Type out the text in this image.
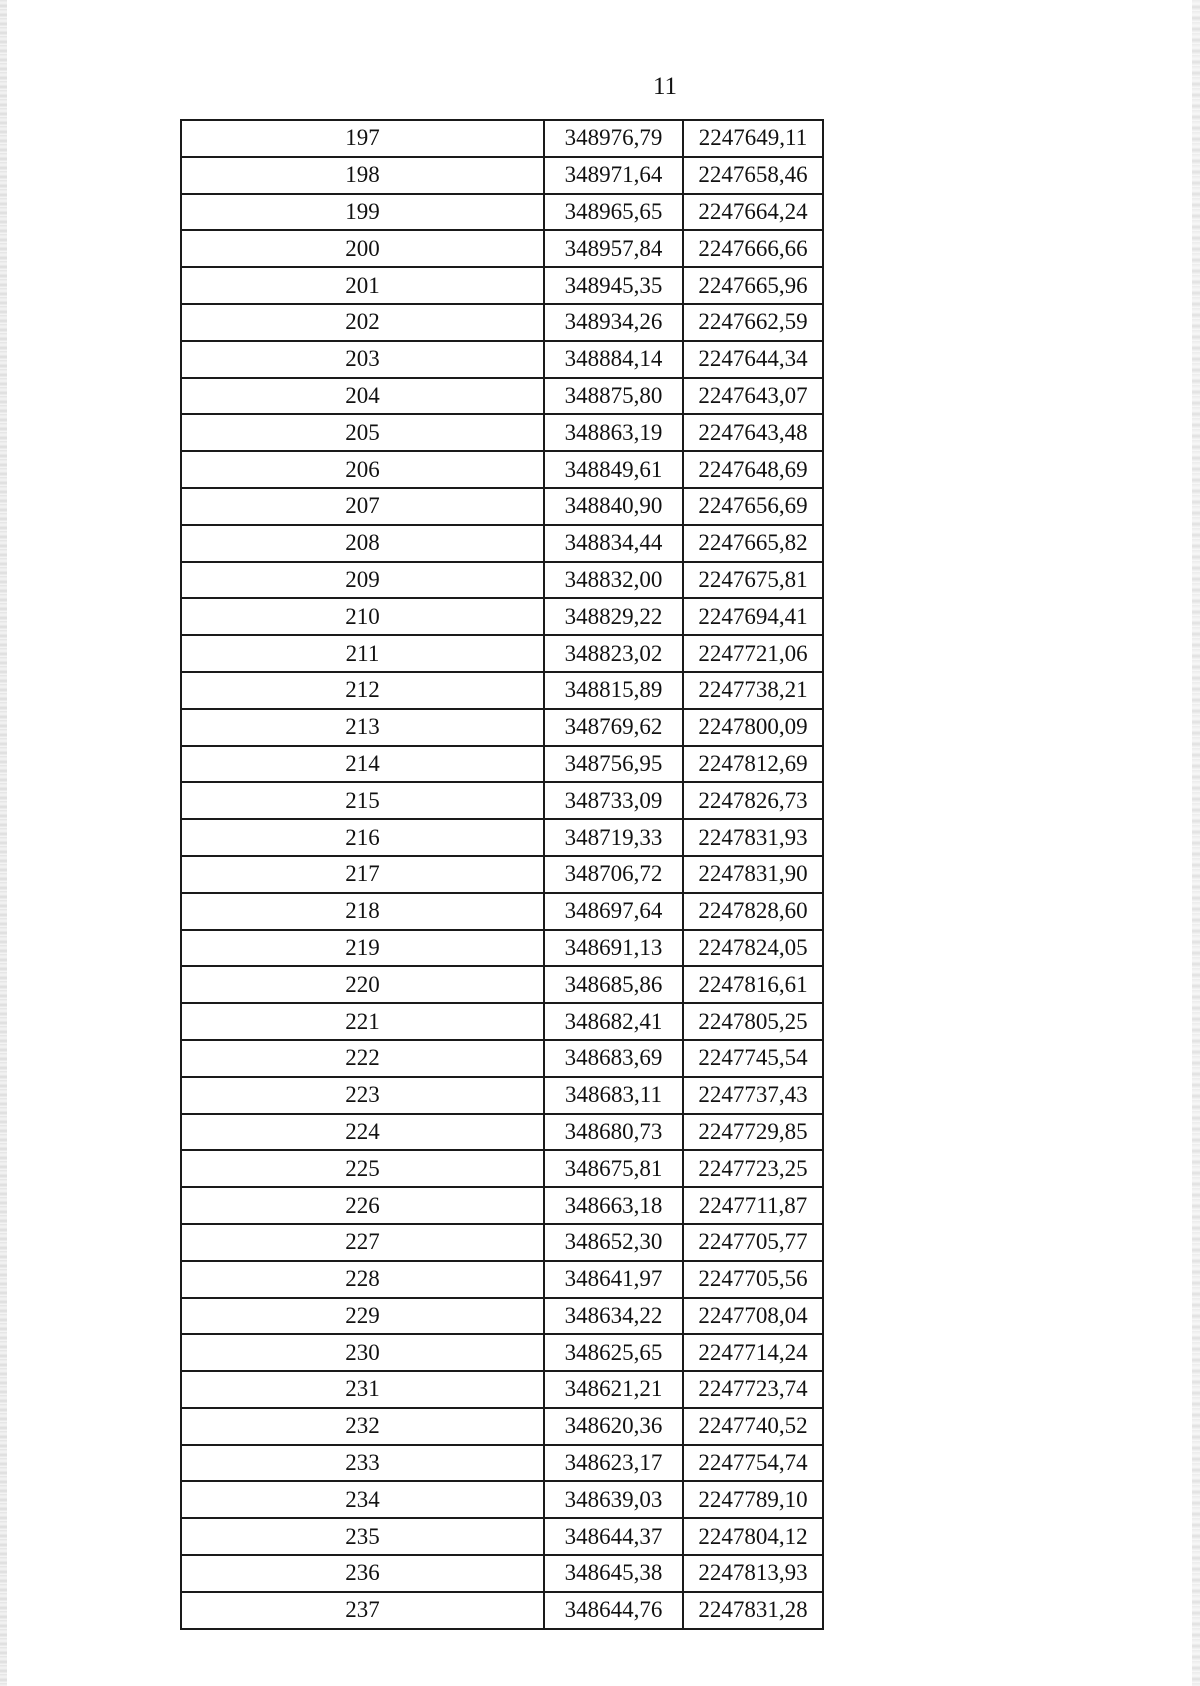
11
197	348976,79	2247649,11
198	348971,64	2247658,46
199	348965,65	2247664,24
200	348957,84	2247666,66
201	348945,35	2247665,96
202	348934,26	2247662,59
203	348884,14	2247644,34
204	348875,80	2247643,07
205	348863,19	2247643,48
206	348849,61	2247648,69
207	348840,90	2247656,69
208	348834,44	2247665,82
209	348832,00	2247675,81
210	348829,22	2247694,41
211	348823,02	2247721,06
212	348815,89	2247738,21
213	348769,62	2247800,09
214	348756,95	2247812,69
215	348733,09	2247826,73
216	348719,33	2247831,93
217	348706,72	2247831,90
218	348697,64	2247828,60
219	348691,13	2247824,05
220	348685,86	2247816,61
221	348682,41	2247805,25
222	348683,69	2247745,54
223	348683,11	2247737,43
224	348680,73	2247729,85
225	348675,81	2247723,25
226	348663,18	2247711,87
227	348652,30	2247705,77
228	348641,97	2247705,56
229	348634,22	2247708,04
230	348625,65	2247714,24
231	348621,21	2247723,74
232	348620,36	2247740,52
233	348623,17	2247754,74
234	348639,03	2247789,10
235	348644,37	2247804,12
236	348645,38	2247813,93
237	348644,76	2247831,28
